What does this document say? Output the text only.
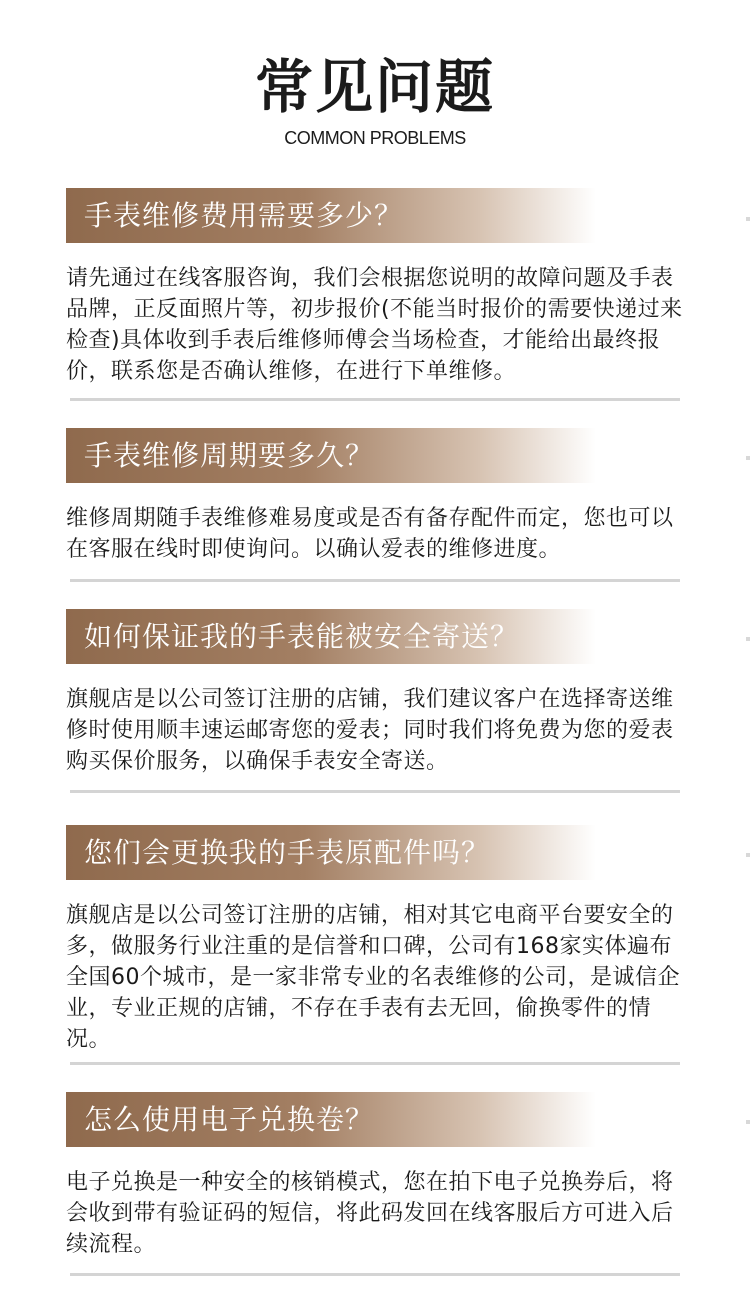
常见问题
COMMON PROBLEMS
手表维修费用需要多少？
请先通过在线客服咨询，我们会根据您说明的故障问题及手表品牌，正反面照片等，初步报价(不能当时报价的需要快递过来检查)具体收到手表后维修师傅会当场检查，才能给出最终报价，联系您是否确认维修，在进行下单维修。
手表维修周期要多久？
维修周期随手表维修难易度或是否有备存配件而定，您也可以在客服在线时即使询问。以确认爱表的维修进度。
如何保证我的手表能被安全寄送？
旗舰店是以公司签订注册的店铺，我们建议客户在选择寄送维修时使用顺丰速运邮寄您的爱表；同时我们将免费为您的爱表购买保价服务，以确保手表安全寄送。
您们会更换我的手表原配件吗？
旗舰店是以公司签订注册的店铺，相对其它电商平台要安全的多，做服务行业注重的是信誉和口碑，公司有168家实体遍布全国60个城市，是一家非常专业的名表维修的公司，是诚信企业，专业正规的店铺，不存在手表有去无回，偷换零件的情况。
怎么使用电子兑换卷？
电子兑换是一种安全的核销模式，您在拍下电子兑换券后，将会收到带有验证码的短信，将此码发回在线客服后方可进入后续流程。
